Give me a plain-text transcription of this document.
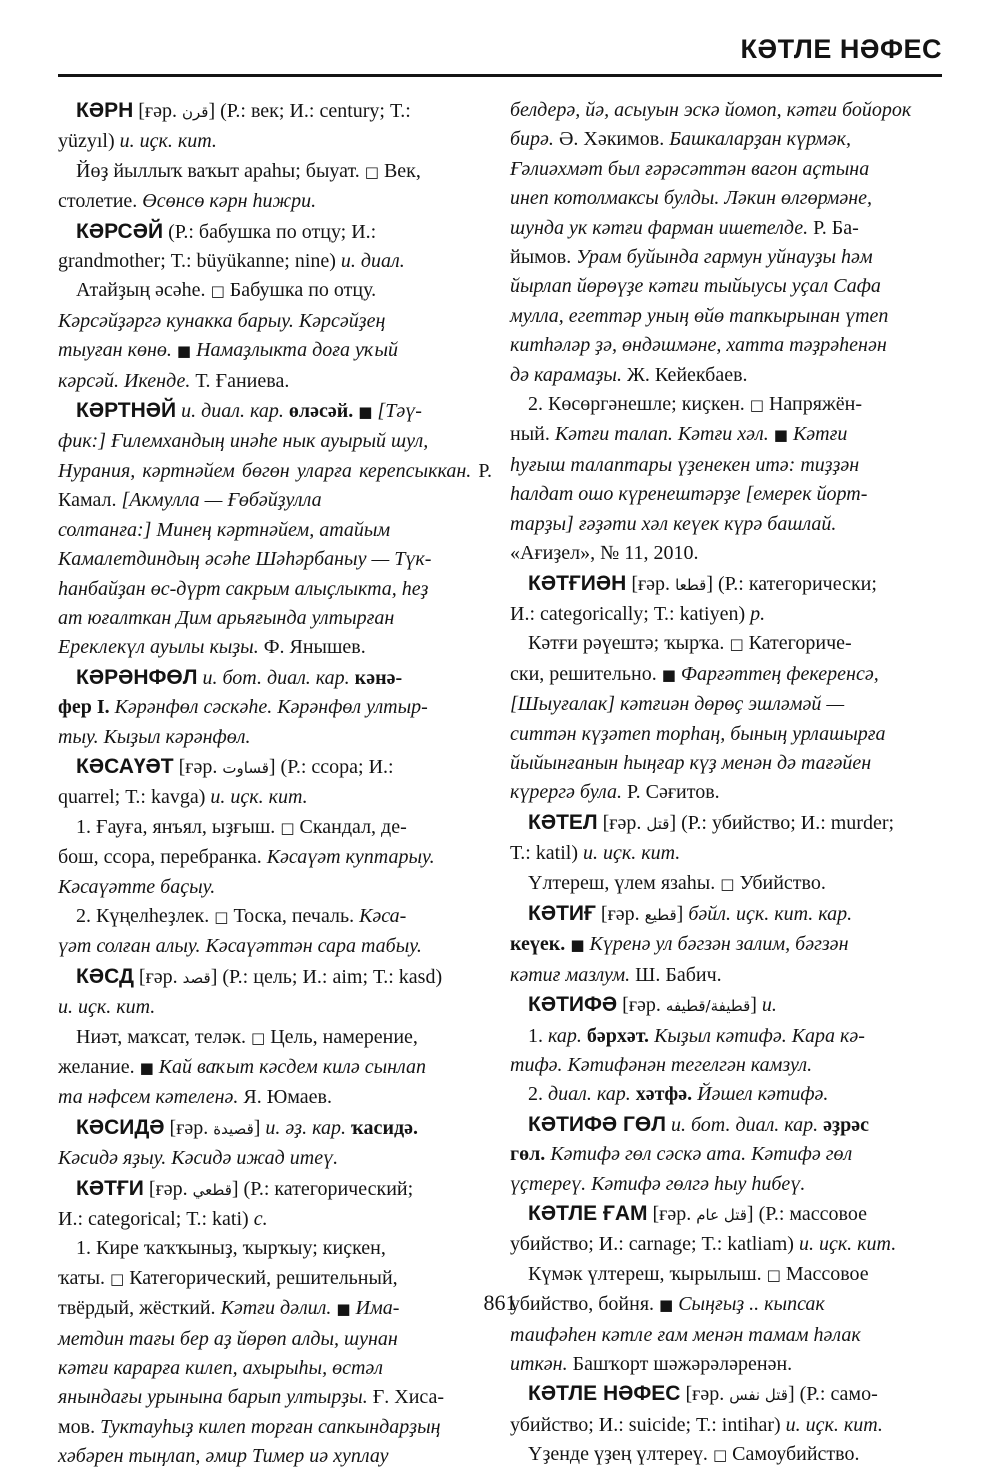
КӘТЛЕ НӘФЕС
КӘРН [ғәр. قرن] (Р.: век; И.: century; Т.:
yüzyıl) и. иҫк. кит.
Йөҙ йыллыҡ ваҡыт араһы; быуат. □ Век,
столетие. Өсөнсө кәрн һижри.
КӘРСӘЙ (Р.: бабушка по отцу; И.:
grandmother; Т.: büyükanne; nine) и. диал.
Атайҙың әсәһе. □ Бабушка по отцу.
Кәрсәйҙәргә кунакка барыу. Кәрсәйҙең
тыуған көнө. ■ Намаҙлыкта доға уҡый
кәрсәй. Икенде. Т. Ғаниева.
КӘРТНӘЙ и. диал. кар. өләсәй. ■ [Тәү-
фик:] Ғилемхандың инәһе нык ауырый шул,
Нурания, кәртнәйем бөгөн уларға керепсыккан. Р. Камал. [Акмулла — Ғөбәйҙулла
солтанға:] Минең кәртнәйем, атайым
Камалетдиндың әсәһе Шәһәрбаныу — Түк-
һанбайҙан өс-дүрт сакрым алыҫлыкта, һеҙ
ат юғалткан Дим арьяғында ултырған
Ереклекүл ауылы кыҙы. Ф. Янышев.
КӘРӘНФӨЛ и. бот. диал. кар. кәнә-
фер I. Кәрәнфөл сәскәһе. Кәрәнфөл ултыр-
тыу. Кыҙыл кәрәнфөл.
КӘСАҮӘТ [ғәр. قساوت] (Р.: ссора; И.:
quarrel; Т.: kavga) и. иҫк. кит.
1. Ғауға, янъял, ыҙғыш. □ Скандал, де-
бош, ссора, перебранка. Кәсаүәт куптарыу.
Кәсаүәтте баҫыу.
2. Күңелһеҙлек. □ Тоска, печаль. Кәса-
үәт солған алыу. Кәсаүәттән сара табыу.
КӘСД [ғәр. قصد] (Р.: цель; И.: aim; Т.: kasd)
и. иҫк. кит.
Ниәт, маҡсат, теләк. □ Цель, намерение,
желание. ■ Кай ваҡыт кәсдем килә сынлап
та нәфсем кәтеленә. Я. Юмаев.
КӘСИДӘ [ғәр. قصيدة] и. әҙ. кар. ҡасидә.
Кәсидә яҙыу. Кәсидә ижад итеү.
КӘТҒИ [ғәр. قطعي] (Р.: категорический;
И.: categorical; Т.: kati) с.
1. Кире ҡаҡҡыныҙ, ҡырҡыу; киҫкен,
ҡаты. □ Категорический, решительный,
твёрдый, жёсткий. Кәтғи дәлил. ■ Има-
метдин тағы бер аҙ йөрөп алды, шунан
кәтғи карарға килеп, ахырыһы, өстәл
янындағы урынына барып ултырҙы. Ғ. Хиса-
мов. Туктауһыҙ килеп торған сапкындарҙың
хәбәрен тыңлап, әмир Тимер иә хуплау
белдерә, йә, асыуын эскә йомоп, кәтғи бойорок
бирә. Ә. Хәкимов. Башкаларҙан күрмәк,
Ғәлиәхмәт был ғәрәсәттән вагон аҫтына
инеп котолмаксы булды. Ләкин өлгөрмәне,
шунда ук кәтғи фарман ишетелде. Р. Ба-
йымов. Урам буйында гармун уйнауҙы һәм
йырлап йөрөүҙе кәтғи тыйыусы уҫал Сафа
мулла, егеттәр уның өйө тапкырынан үтеп
китһәләр ҙә, өндәшмәне, хатта тәҙрәһенән
дә карамаҙы. Ж. Кейекбаев.
2. Көсөргәнешле; киҫкен. □ Напряжён-
ный. Кәтғи талап. Кәтғи хәл. ■ Кәтғи
һуғыш талаптары үҙенекен итә: тиҙҙән
һалдат ошо күренештәрҙе [емерек йорт-
тарҙы] ғәҙәти хәл кеүек күрә башлай.
«Ағиҙел», № 11, 2010.
КӘТҒИӘН [ғәр. قطعا] (Р.: категорически;
И.: categorically; Т.: katiyen) р.
Кәтғи рәүештә; ҡырҡа. □ Категориче-
ски, решительно. ■ Фарғәттең фекеренсә,
[Шыуғалак] кәтғиән дөрөҫ эшләмәй —
ситтән күҙәтеп торһаң, быныӊ урлашырға
йыйынғанын һыңғар күҙ менән дә тағәйен
күрергә була. Р. Сәғитов.
КӘТЕЛ [ғәр. قتل] (Р.: убийство; И.: murder;
Т.: katil) и. иҫк. кит.
Үлтереш, үлем язаһы. □ Убийство.
КӘТИҒ [ғәр. قطيع] бәйл. иҫк. кит. кар.
кеүек. ■ Күренә ул бәгзән залим, бәгзән
кәтиғ мазлум. Ш. Бабич.
КӘТИФӘ [ғәр. قطيفة/قطيفه] и.
1. кар. бәрхәт. Кыҙыл кәтифә. Кара кә-
тифә. Кәтифәнән тегелгән камзул.
2. диал. кар. хәтфә. Йәшел кәтифә.
КӘТИФӘ ГӨЛ и. бот. диал. кар. әҙрәс
гөл. Кәтифә гөл сәскә ата. Кәтифә гөл
үҫтереү. Кәтифә гөлгә һыу һибеү.
КӘТЛЕ ҒАМ [ғәр. قتل عام] (Р.: массовое
убийство; И.: carnage; Т.: katliam) и. иҫк. кит.
Күмәк үлтереш, ҡырылыш. □ Массовое
убийство, бойня. ■ Сыңғыҙ .. кыпсак
таифәһен кәтле ғам менән тамам һәлак
иткән. Башҡорт шәжәрәләренән.
КӘТЛЕ НӘФЕС [ғәр. قتل نفس] (Р.: само-
убийство; И.: suicide; Т.: intihar) и. иҫк. кит.
Үҙенде үҙең үлтереү. □ Самоубийство.
861
